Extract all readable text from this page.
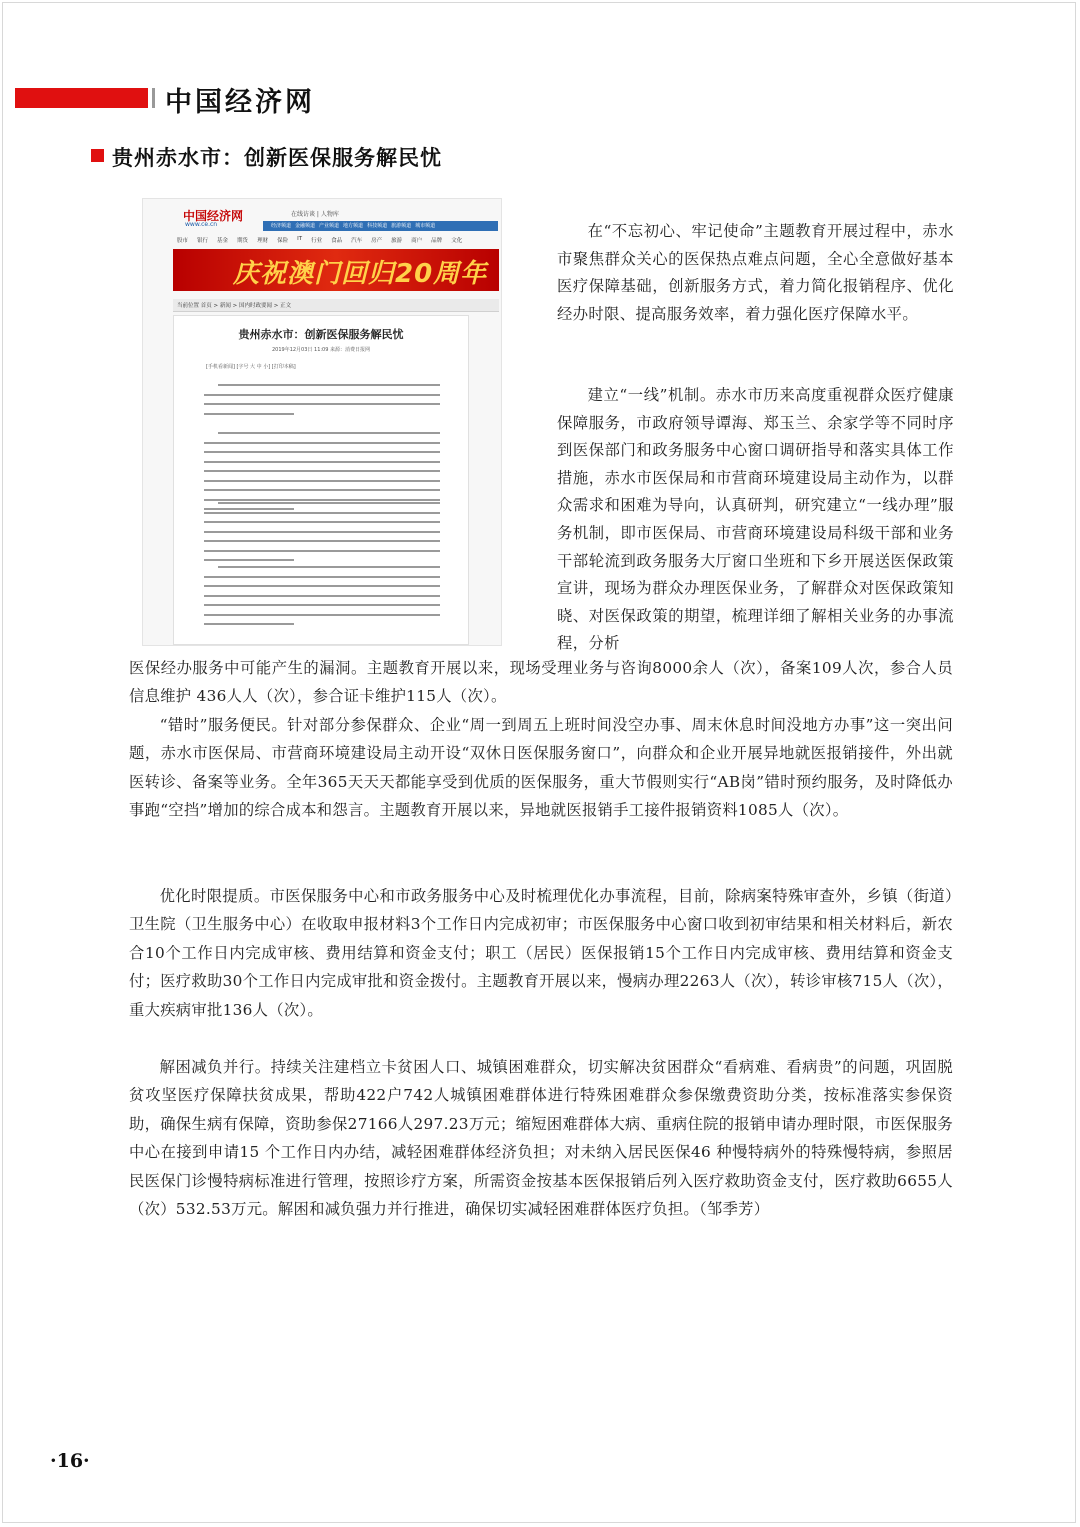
中国经济网
贵州赤水市：创新医保服务解民忧
中国经济网
www.ce.cn
在线访谈 | 人物库
经济频道 金融频道 产业频道 地方频道 科技频道 旅游频道 城市频道
股市 银行 基金 期货 理财 保险 IT 行业 食品 汽车 房产 旅游 商户 品牌 文化
庆祝澳门回归20周年
当前位置 首页 > 新闻 > 国内时政要闻 > 正文
贵州赤水市：创新医保服务解民忧
2019年12月03日 11:09 来源：消费日报网
[手机看新闻] [字号 大 中 小] [打印本稿]

在“不忘初心、牢记使命”主题教育开展过程中，赤水市聚焦群众关心的医保热点难点问题，全心全意做好基本医疗保障基础，创新服务方式，着力简化报销程序、优化经办时限、提高服务效率，着力强化医疗保障水平。

建立“一线”机制。赤水市历来高度重视群众医疗健康保障服务，市政府领导谭海、郑玉兰、余家学等不同时序到医保部门和政务服务中心窗口调研指导和落实具体工作措施，赤水市医保局和市营商环境建设局主动作为，以群众需求和困难为导向，认真研判，研究建立“一线办理”服务机制，即市医保局、市营商环境建设局科级干部和业务干部轮流到政务服务大厅窗口坐班和下乡开展送医保政策宣讲，现场为群众办理医保业务，了解群众对医保政策知晓、对医保政策的期望，梳理详细了解相关业务的办事流程，分析

医保经办服务中可能产生的漏洞。主题教育开展以来，现场受理业务与咨询8000余人（次），备案109人次，参合人员信息维护 436人人（次），参合证卡维护115人（次）。

“错时”服务便民。针对部分参保群众、企业“周一到周五上班时间没空办事、周末休息时间没地方办事”这一突出问题，赤水市医保局、市营商环境建设局主动开设“双休日医保服务窗口”，向群众和企业开展异地就医报销接件，外出就医转诊、备案等业务。全年365天天天都能享受到优质的医保服务，重大节假则实行“AB岗”错时预约服务，及时降低办事跑“空挡”增加的综合成本和怨言。主题教育开展以来，异地就医报销手工接件报销资料1085人（次）。

优化时限提质。市医保服务中心和市政务服务中心及时梳理优化办事流程，目前，除病案特殊审查外，乡镇（街道）卫生院（卫生服务中心）在收取申报材料3个工作日内完成初审；市医保服务中心窗口收到初审结果和相关材料后，新农合10个工作日内完成审核、费用结算和资金支付；职工（居民）医保报销15个工作日内完成审核、费用结算和资金支付；医疗救助30个工作日内完成审批和资金拨付。主题教育开展以来，慢病办理2263人（次），转诊审核715人（次），重大疾病审批136人（次）。

解困减负并行。持续关注建档立卡贫困人口、城镇困难群众，切实解决贫困群众“看病难、看病贵”的问题，巩固脱贫攻坚医疗保障扶贫成果，帮助422户742人城镇困难群体进行特殊困难群众参保缴费资助分类，按标准落实参保资助，确保生病有保障，资助参保27166人297.23万元；缩短困难群体大病、重病住院的报销申请办理时限，市医保服务中心在接到申请15 个工作日内办结，减轻困难群体经济负担；对未纳入居民医保46 种慢特病外的特殊慢特病，参照居民医保门诊慢特病标准进行管理，按照诊疗方案，所需资金按基本医保报销后列入医疗救助资金支付，医疗救助6655人（次）532.53万元。解困和减负强力并行推进，确保切实减轻困难群体医疗负担。（邹季芳）

·16·
